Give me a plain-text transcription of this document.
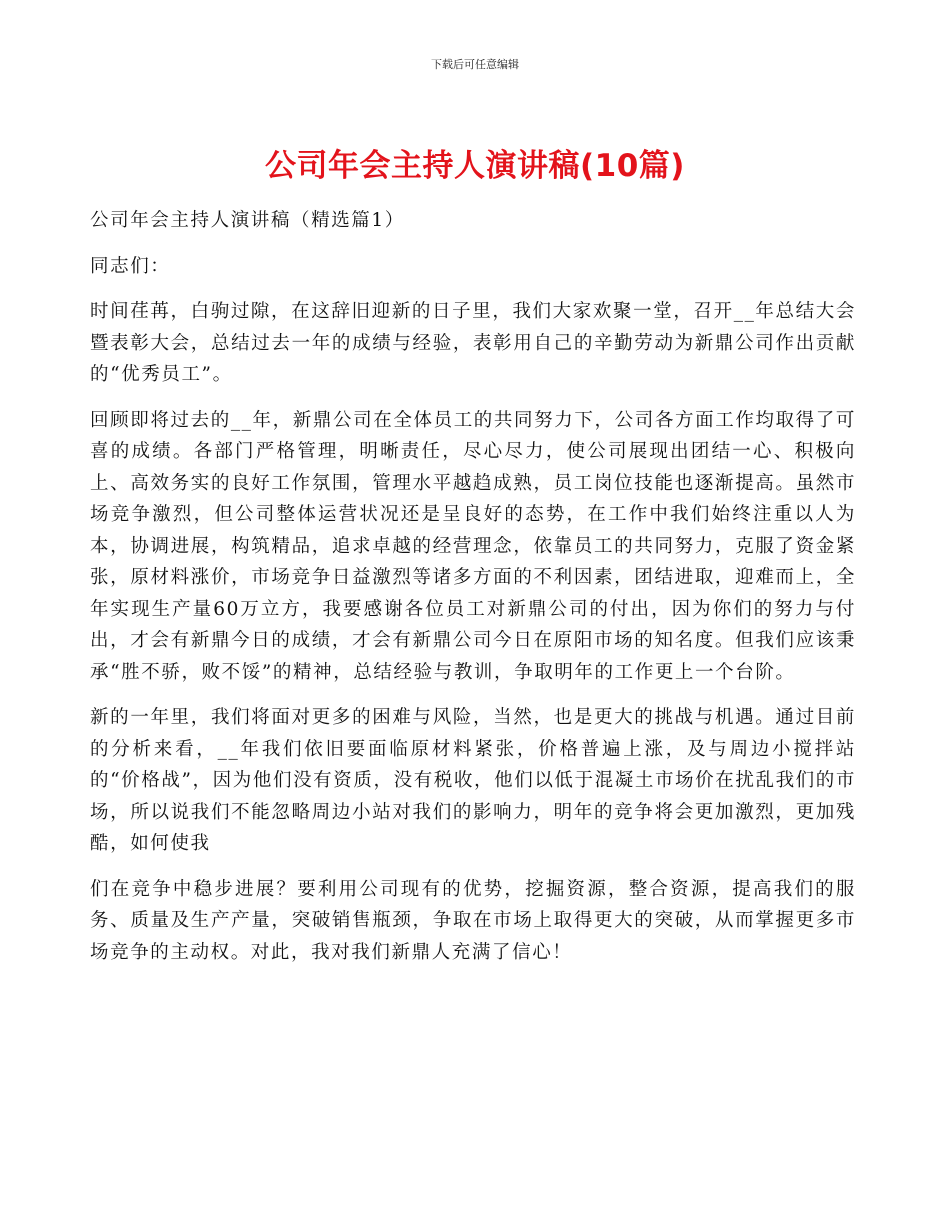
下载后可任意编辑
公司年会主持人演讲稿(10篇)

公司年会主持人演讲稿（精选篇1）

同志们：

时间荏苒，白驹过隙，在这辞旧迎新的日子里，我们大家欢聚一堂，召开__年总结大会暨表彰大会，总结过去一年的成绩与经验，表彰用自己的辛勤劳动为新鼎公司作出贡献的“优秀员工”。

回顾即将过去的__年，新鼎公司在全体员工的共同努力下，公司各方面工作均取得了可喜的成绩。各部门严格管理，明晰责任，尽心尽力，使公司展现出团结一心、积极向上、高效务实的良好工作氛围，管理水平越趋成熟，员工岗位技能也逐渐提高。虽然市场竞争激烈，但公司整体运营状况还是呈良好的态势，在工作中我们始终注重以人为本，协调进展，构筑精品，追求卓越的经营理念，依靠员工的共同努力，克服了资金紧张，原材料涨价，市场竞争日益激烈等诸多方面的不利因素，团结进取，迎难而上，全年实现生产量60万立方，我要感谢各位员工对新鼎公司的付出，因为你们的努力与付出，才会有新鼎今日的成绩，才会有新鼎公司今日在原阳市场的知名度。但我们应该秉承“胜不骄，败不馁”的精神，总结经验与教训，争取明年的工作更上一个台阶。

新的一年里，我们将面对更多的困难与风险，当然，也是更大的挑战与机遇。通过目前的分析来看，__年我们依旧要面临原材料紧张，价格普遍上涨，及与周边小搅拌站的“价格战”，因为他们没有资质，没有税收，他们以低于混凝土市场价在扰乱我们的市场，所以说我们不能忽略周边小站对我们的影响力，明年的竞争将会更加激烈，更加残酷，如何使我

们在竞争中稳步进展？要利用公司现有的优势，挖掘资源，整合资源，提高我们的服务、质量及生产产量，突破销售瓶颈，争取在市场上取得更大的突破，从而掌握更多市场竞争的主动权。对此，我对我们新鼎人充满了信心！
